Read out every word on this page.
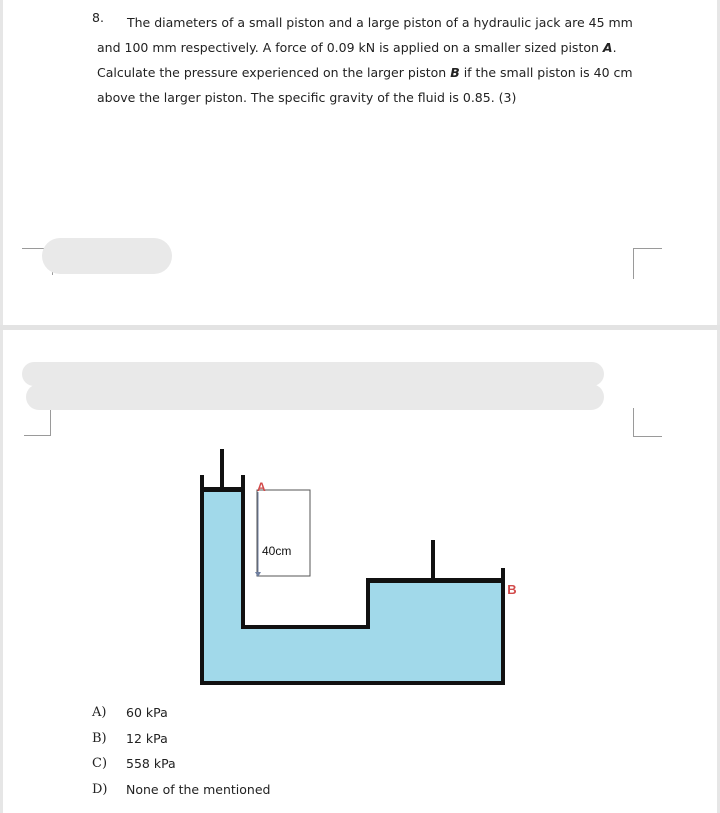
8.	The diameters of a small piston and a large piston of a hydraulic jack are 45 mm and 100 mm respectively. A force of 0.09 kN is applied on a smaller sized piston A. Calculate the pressure experienced on the larger piston B if the small piston is 40 cm above the larger piston. The specific gravity of the fluid is 0.85. (3)

40cm
A
B
A)	60 kPa
B)	12 kPa
C)	558 kPa
D)	None of the mentioned
